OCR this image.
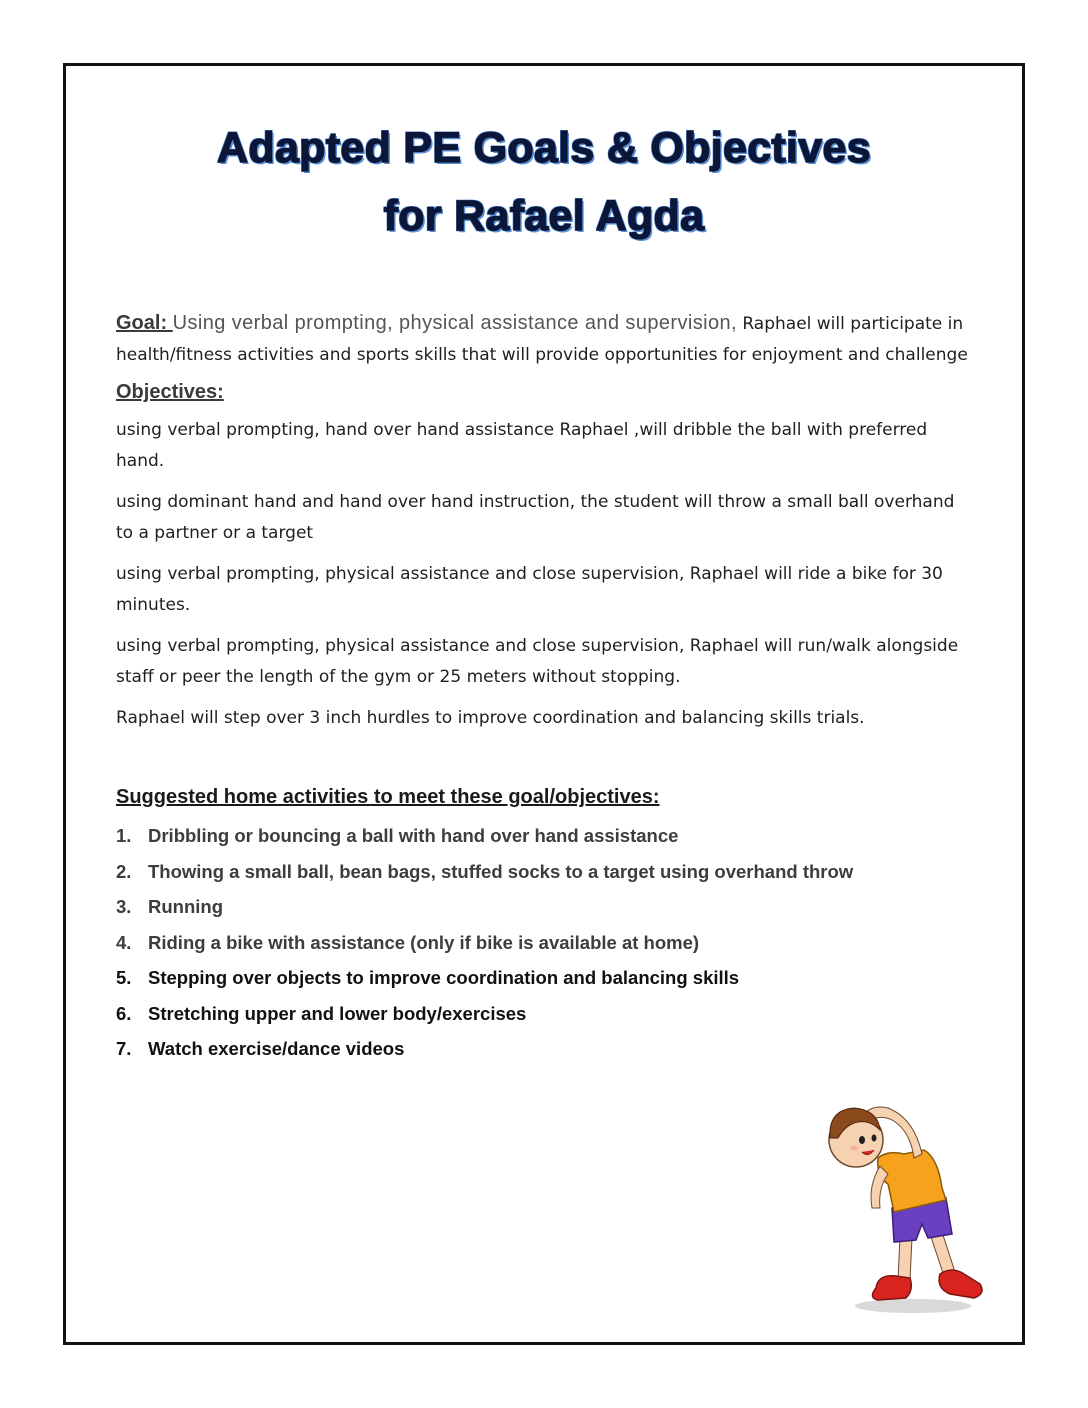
Adapted PE Goals & Objectives
for Rafael Agda

Goal: Using verbal prompting, physical assistance and supervision, Raphael will participate in health/fitness activities and sports skills that will provide opportunities for enjoyment and challenge

Objectives:

using verbal prompting, hand over hand assistance Raphael ,will dribble the ball with preferred hand.

using dominant hand and hand over hand instruction, the student will throw a small ball overhand to a partner or a target

using verbal prompting, physical assistance and close supervision, Raphael will ride a bike for 30 minutes.

using verbal prompting, physical assistance and close supervision, Raphael will run/walk alongside staff or peer the length of the gym or 25 meters without stopping.

Raphael will step over 3 inch hurdles to improve coordination and balancing skills trials.

Suggested home activities to meet these goal/objectives:
1. Dribbling or bouncing a ball with hand over hand assistance
2. Thowing a small ball, bean bags, stuffed socks to a target using overhand throw
3. Running
4. Riding a bike with assistance (only if bike is available at home)
5. Stepping over objects to improve coordination and balancing skills
6. Stretching upper and lower body/exercises
7. Watch exercise/dance videos
